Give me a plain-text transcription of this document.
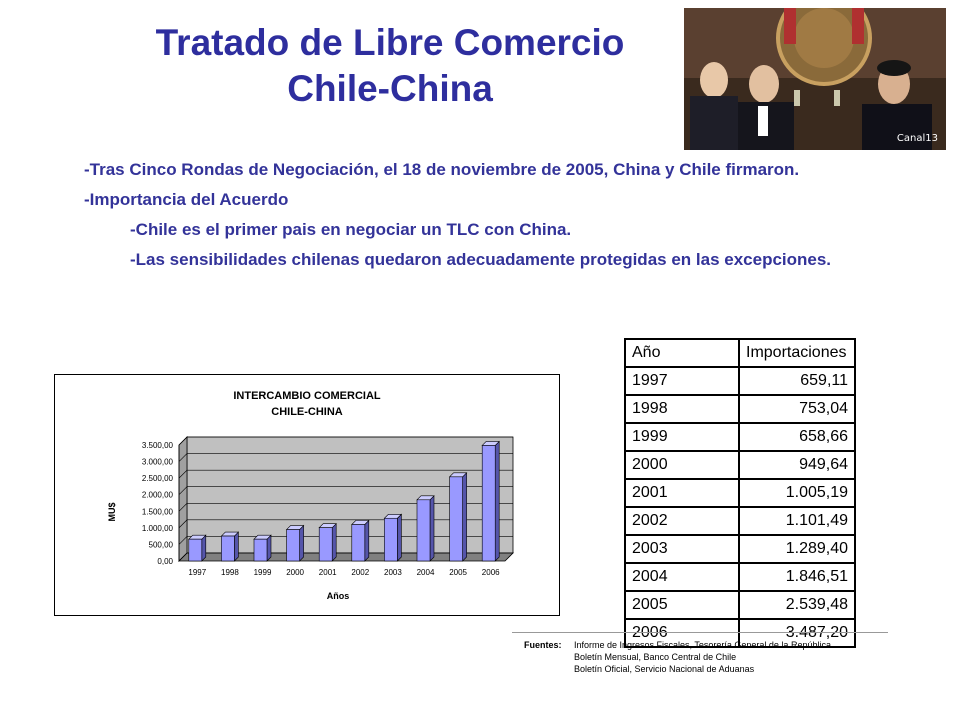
Tratado de Libre Comercio
Chile-China
Canal13

-Tras Cinco Rondas de Negociación, el 18 de noviembre de 2005, China y Chile firmaron.

-Importancia del Acuerdo

-Chile es el primer pais en negociar un TLC con China.

-Las sensibilidades chilenas quedaron adecuadamente protegidas en las excepciones.

INTERCAMBIO COMERCIAL
CHILE-CHINA
Años
MU$
0,00
500,00
1.000,00
1.500,00
2.000,00
2.500,00
3.000,00
3.500,00
1997 1998 1999 2000 2001 2002 2003 2004 2005 2006
Año	Importaciones
1997	659,11
1998	753,04
1999	658,66
2000	949,64
2001	1.005,19
2002	1.101,49
2003	1.289,40
2004	1.846,51
2005	2.539,48
2006	3.487,20
Fuentes: Informe de Ingresos Fiscales, Tesorería General de la República.
Boletín Mensual, Banco Central de Chile
Boletín Oficial, Servicio Nacional de Aduanas
